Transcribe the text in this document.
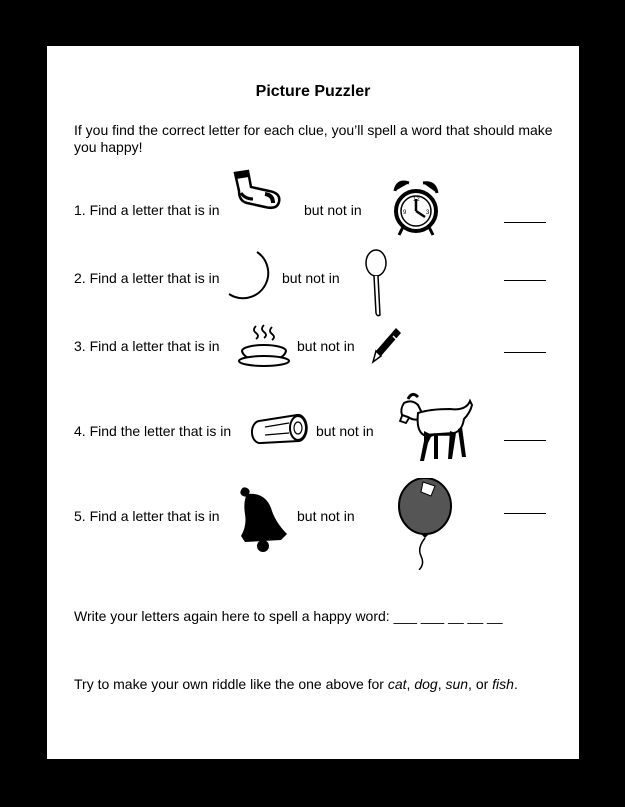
Picture Puzzler
If you find the correct letter for each clue, you’ll spell a word that should make you happy!
1. Find a letter that is in	but not in
12
9	3
2. Find a letter that is in	but not in
3. Find a letter that is in	but not in
4. Find the letter that is in	but not in
5. Find a letter that is in	but not in
Write your letters again here to spell a happy word: ___ ___ __ __ __
Try to make your own riddle like the one above for cat, dog, sun, or fish.
